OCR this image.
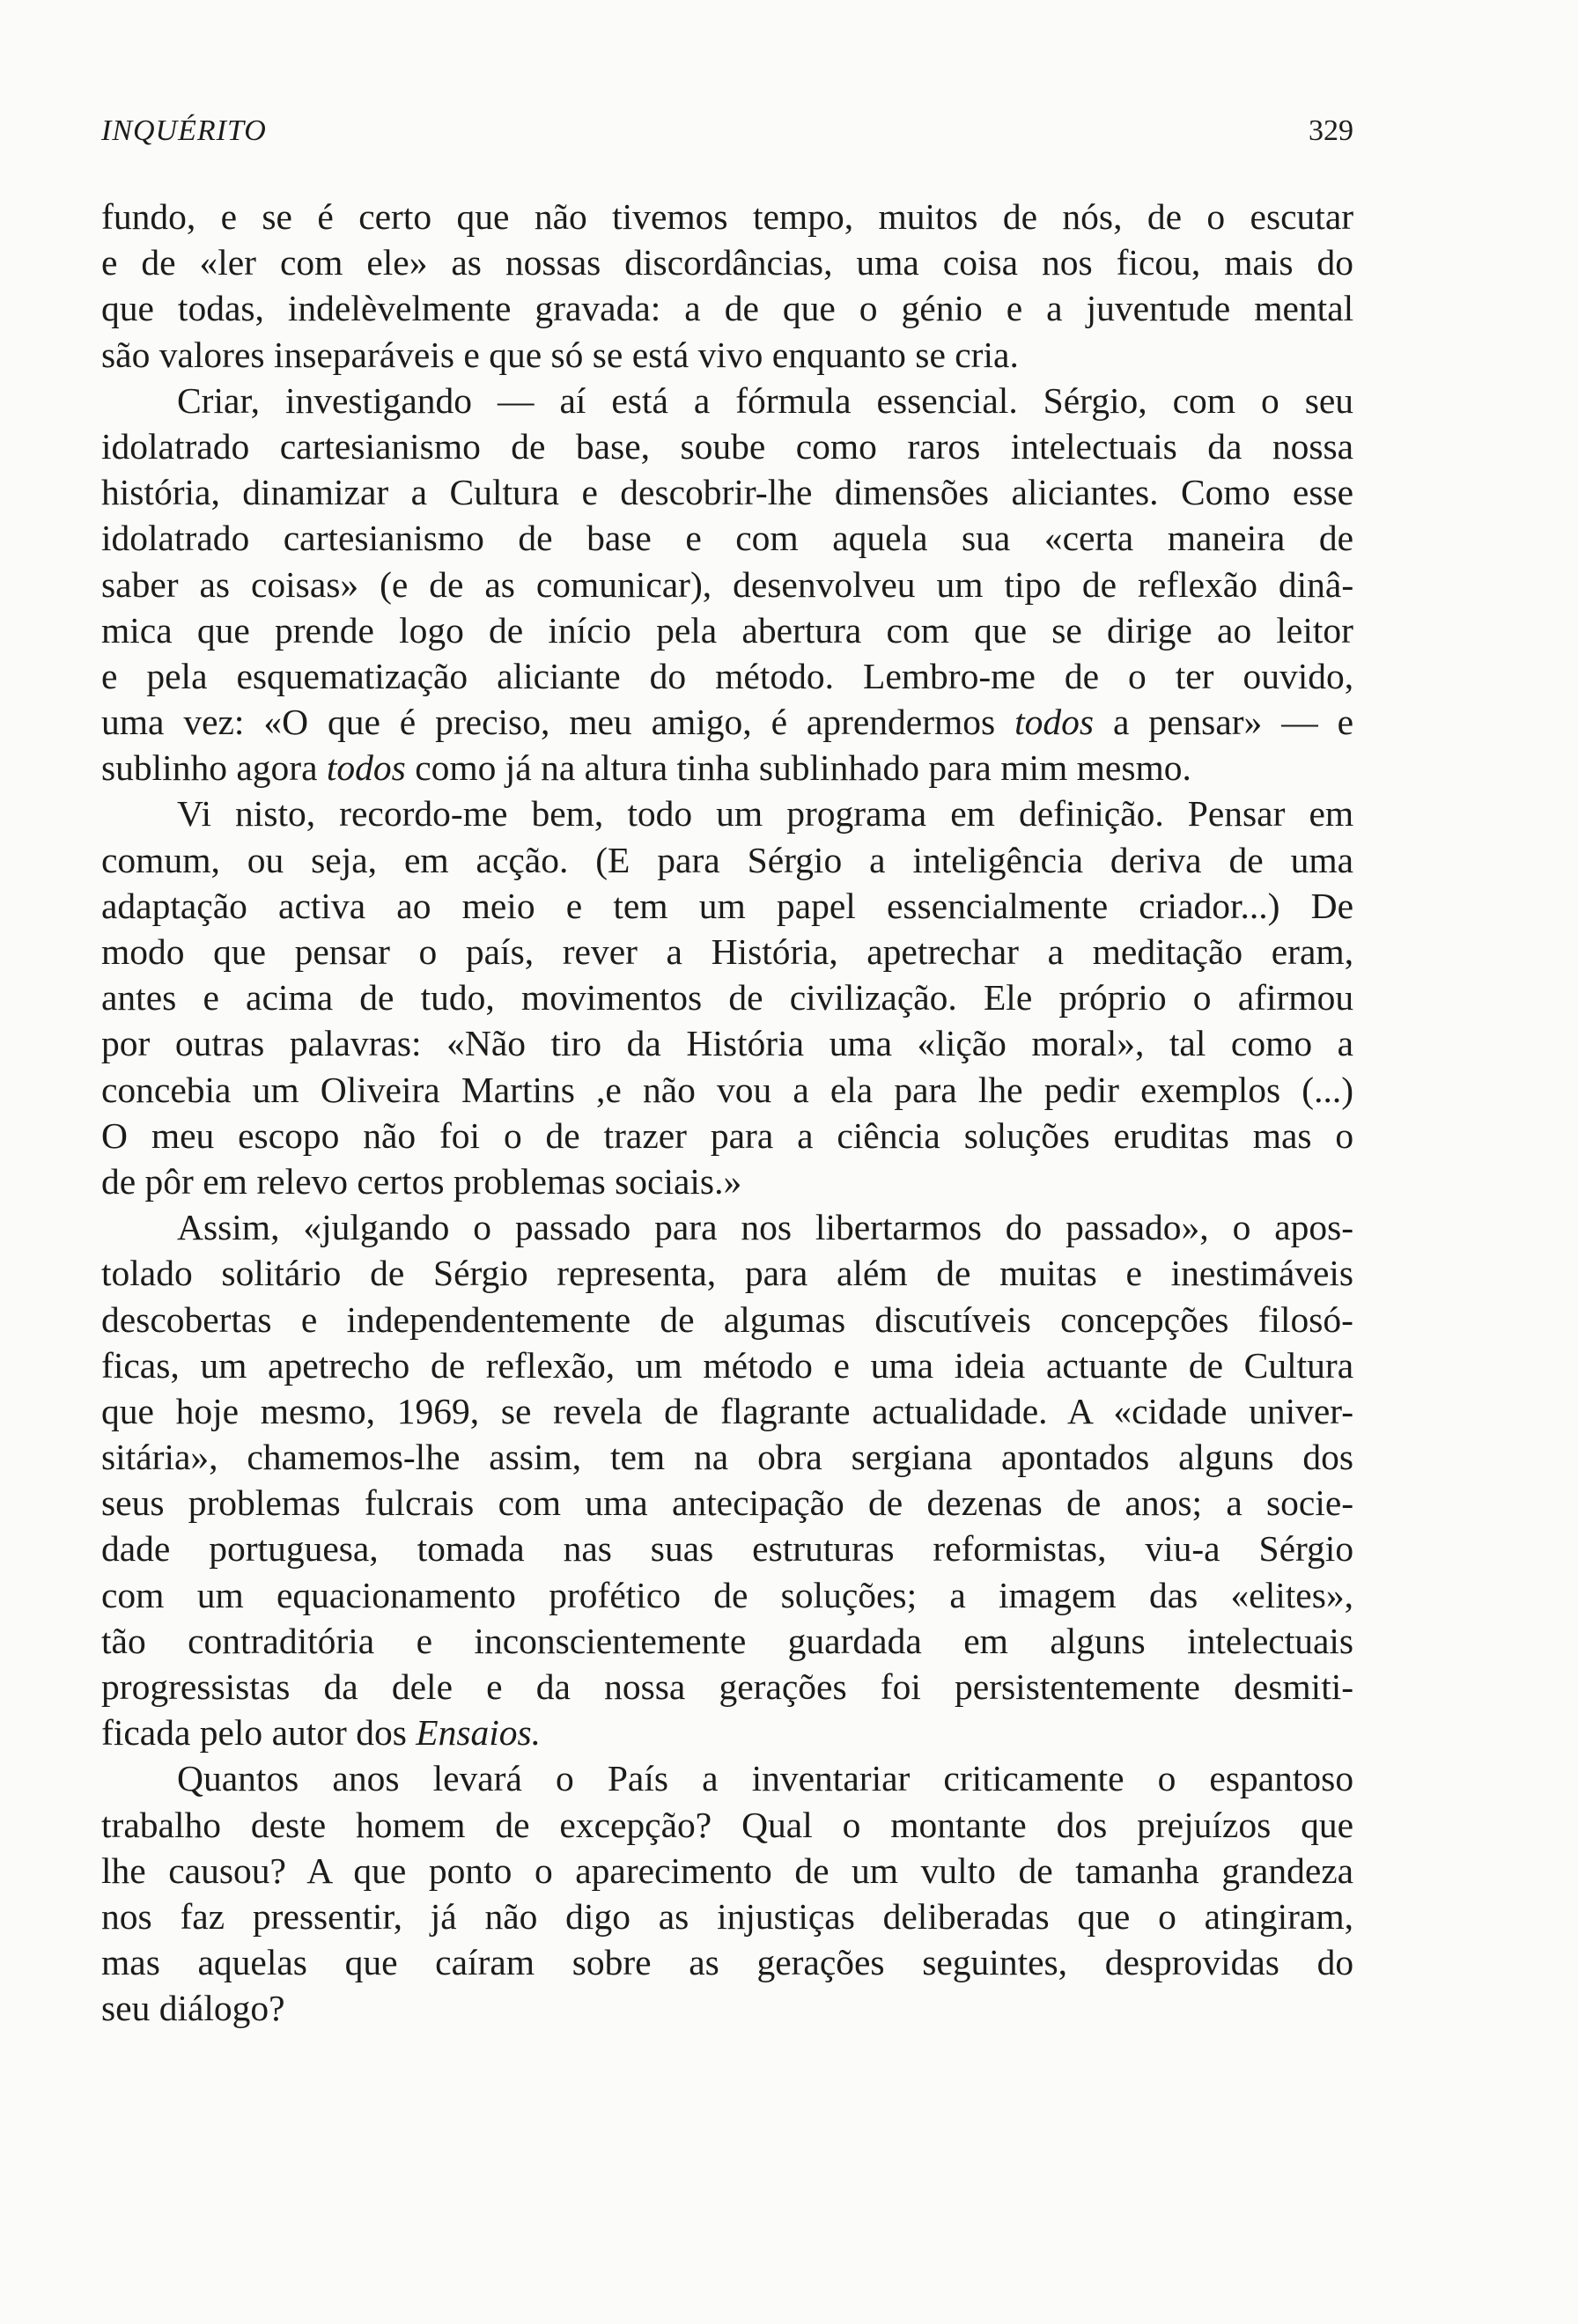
INQUÉRITO	329
fundo, e se é certo que não tivemos tempo, muitos de nós, de o escutar
e de «ler com ele» as nossas discordâncias, uma coisa nos ficou, mais do
que todas, indelèvelmente gravada: a de que o génio e a juventude mental
são valores inseparáveis e que só se está vivo enquanto se cria.
Criar, investigando — aí está a fórmula essencial. Sérgio, com o seu
idolatrado cartesianismo de base, soube como raros intelectuais da nossa
história, dinamizar a Cultura e descobrir-lhe dimensões aliciantes. Como esse
idolatrado cartesianismo de base e com aquela sua «certa maneira de
saber as coisas» (e de as comunicar), desenvolveu um tipo de reflexão dinâ-
mica que prende logo de início pela abertura com que se dirige ao leitor
e pela esquematização aliciante do método. Lembro-me de o ter ouvido,
uma vez: «O que é preciso, meu amigo, é aprendermos todos a pensar» — e
sublinho agora todos como já na altura tinha sublinhado para mim mesmo.
Vi nisto, recordo-me bem, todo um programa em definição. Pensar em
comum, ou seja, em acção. (E para Sérgio a inteligência deriva de uma
adaptação activa ao meio e tem um papel essencialmente criador...) De
modo que pensar o país, rever a História, apetrechar a meditação eram,
antes e acima de tudo, movimentos de civilização. Ele próprio o afirmou
por outras palavras: «Não tiro da História uma «lição moral», tal como a
concebia um Oliveira Martins ,e não vou a ela para lhe pedir exemplos (...)
O meu escopo não foi o de trazer para a ciência soluções eruditas mas o
de pôr em relevo certos problemas sociais.»
Assim, «julgando o passado para nos libertarmos do passado», o apos-
tolado solitário de Sérgio representa, para além de muitas e inestimáveis
descobertas e independentemente de algumas discutíveis concepções filosó-
ficas, um apetrecho de reflexão, um método e uma ideia actuante de Cultura
que hoje mesmo, 1969, se revela de flagrante actualidade. A «cidade univer-
sitária», chamemos-lhe assim, tem na obra sergiana apontados alguns dos
seus problemas fulcrais com uma antecipação de dezenas de anos; a socie-
dade portuguesa, tomada nas suas estruturas reformistas, viu-a Sérgio
com um equacionamento profético de soluções; a imagem das «elites»,
tão contraditória e inconscientemente guardada em alguns intelectuais
progressistas da dele e da nossa gerações foi persistentemente desmiti-
ficada pelo autor dos Ensaios.
Quantos anos levará o País a inventariar criticamente o espantoso
trabalho deste homem de excepção? Qual o montante dos prejuízos que
lhe causou? A que ponto o aparecimento de um vulto de tamanha grandeza
nos faz pressentir, já não digo as injustiças deliberadas que o atingiram,
mas aquelas que caíram sobre as gerações seguintes, desprovidas do
seu diálogo?
